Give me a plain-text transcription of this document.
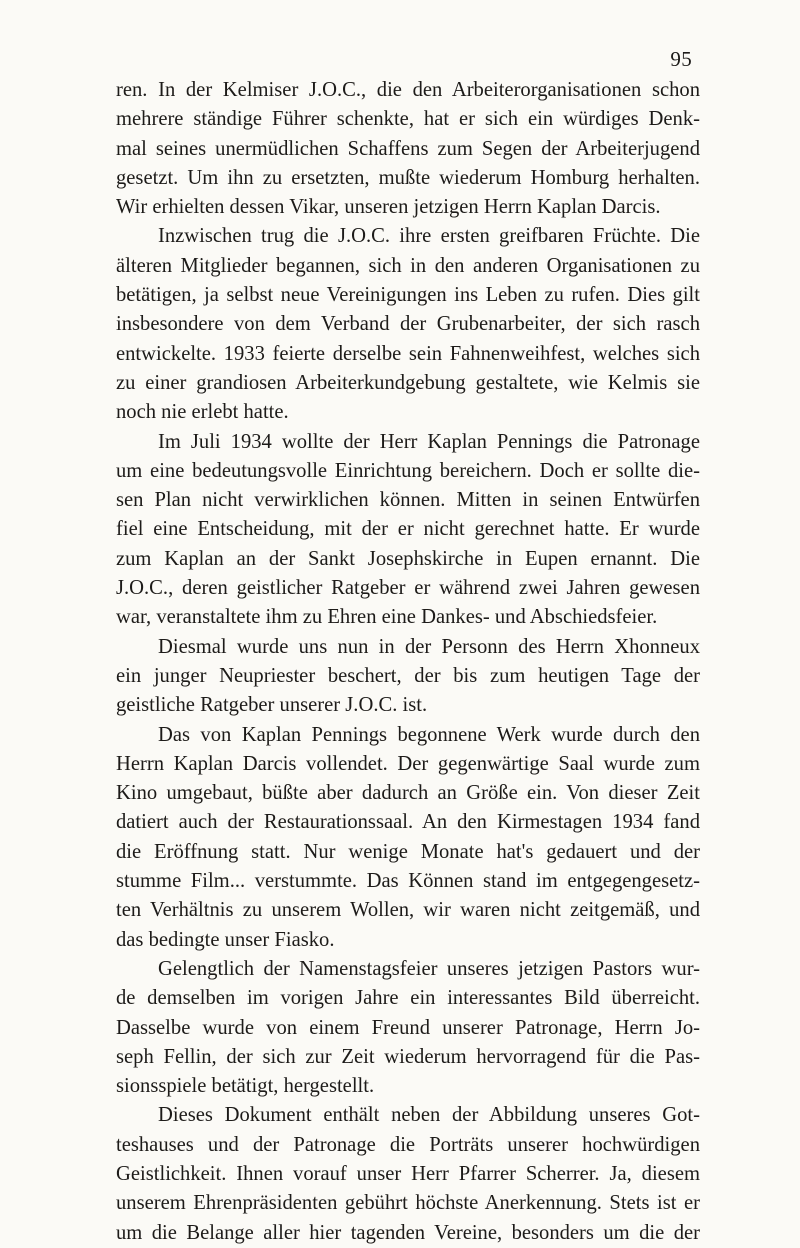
95
ren. In der Kelmiser J.O.C., die den Arbeiterorganisationen schon
mehrere ständige Führer schenkte, hat er sich ein würdiges Denk-
mal seines unermüdlichen Schaffens zum Segen der Arbeiterjugend
gesetzt. Um ihn zu ersetzten, mußte wiederum Homburg herhalten.
Wir erhielten dessen Vikar, unseren jetzigen Herrn Kaplan Darcis.
Inzwischen trug die J.O.C. ihre ersten greifbaren Früchte. Die
älteren Mitglieder begannen, sich in den anderen Organisationen zu
betätigen, ja selbst neue Vereinigungen ins Leben zu rufen. Dies gilt
insbesondere von dem Verband der Grubenarbeiter, der sich rasch
entwickelte. 1933 feierte derselbe sein Fahnenweihfest, welches sich
zu einer grandiosen Arbeiterkundgebung gestaltete, wie Kelmis sie
noch nie erlebt hatte.
Im Juli 1934 wollte der Herr Kaplan Pennings die Patronage
um eine bedeutungsvolle Einrichtung bereichern. Doch er sollte die-
sen Plan nicht verwirklichen können. Mitten in seinen Entwürfen
fiel eine Entscheidung, mit der er nicht gerechnet hatte. Er wurde
zum Kaplan an der Sankt Josephskirche in Eupen ernannt. Die
J.O.C., deren geistlicher Ratgeber er während zwei Jahren gewesen
war, veranstaltete ihm zu Ehren eine Dankes- und Abschiedsfeier.
Diesmal wurde uns nun in der Personn des Herrn Xhonneux
ein junger Neupriester beschert, der bis zum heutigen Tage der
geistliche Ratgeber unserer J.O.C. ist.
Das von Kaplan Pennings begonnene Werk wurde durch den
Herrn Kaplan Darcis vollendet. Der gegenwärtige Saal wurde zum
Kino umgebaut, büßte aber dadurch an Größe ein. Von dieser Zeit
datiert auch der Restaurationssaal. An den Kirmestagen 1934 fand
die Eröffnung statt. Nur wenige Monate hat's gedauert und der
stumme Film... verstummte. Das Können stand im entgegengesetz-
ten Verhältnis zu unserem Wollen, wir waren nicht zeitgemäß, und
das bedingte unser Fiasko.
Gelengtlich der Namenstagsfeier unseres jetzigen Pastors wur-
de demselben im vorigen Jahre ein interessantes Bild überreicht.
Dasselbe wurde von einem Freund unserer Patronage, Herrn Jo-
seph Fellin, der sich zur Zeit wiederum hervorragend für die Pas-
sionsspiele betätigt, hergestellt.
Dieses Dokument enthält neben der Abbildung unseres Got-
teshauses und der Patronage die Porträts unserer hochwürdigen
Geistlichkeit. Ihnen vorauf unser Herr Pfarrer Scherrer. Ja, diesem
unserem Ehrenpräsidenten gebührt höchste Anerkennung. Stets ist er
um die Belange aller hier tagenden Vereine, besonders um die der
